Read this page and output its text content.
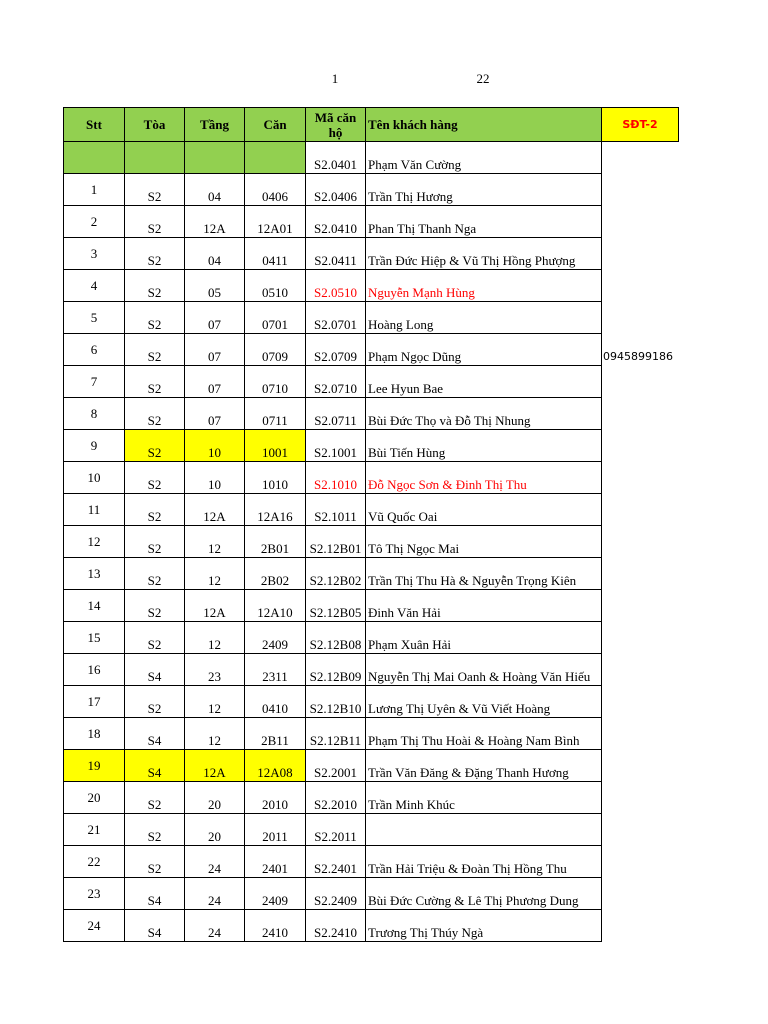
1	22
Stt	Tòa	Tầng	Căn	Mã căn hộ	Tên khách hàng	SĐT-2
				S2.0401	Phạm Văn Cường	
1	S2	04	0406	S2.0406	Trần Thị Hương	
2	S2	12A	12A01	S2.0410	Phan Thị Thanh Nga	
3	S2	04	0411	S2.0411	Trần Đức Hiệp & Vũ Thị Hồng Phượng	
4	S2	05	0510	S2.0510	Nguyễn Mạnh Hùng	
5	S2	07	0701	S2.0701	Hoàng Long	
6	S2	07	0709	S2.0709	Phạm Ngọc Dũng	0945899186
7	S2	07	0710	S2.0710	Lee Hyun Bae	
8	S2	07	0711	S2.0711	Bùi Đức Thọ và Đỗ Thị Nhung	
9	S2	10	1001	S2.1001	Bùi Tiến Hùng	
10	S2	10	1010	S2.1010	Đỗ Ngọc Sơn & Đinh Thị Thu	
11	S2	12A	12A16	S2.1011	Vũ Quốc Oai	
12	S2	12	2B01	S2.12B01	Tô Thị Ngọc Mai	
13	S2	12	2B02	S2.12B02	Trần Thị Thu Hà & Nguyễn Trọng Kiên	
14	S2	12A	12A10	S2.12B05	Đinh Văn Hải	
15	S2	12	2409	S2.12B08	Phạm Xuân Hải	
16	S4	23	2311	S2.12B09	Nguyễn Thị Mai Oanh & Hoàng Văn Hiếu	
17	S2	12	0410	S2.12B10	Lương Thị Uyên & Vũ Viết Hoàng	
18	S4	12	2B11	S2.12B11	Phạm Thị Thu Hoài & Hoàng Nam Bình	
19	S4	12A	12A08	S2.2001	Trần Văn Đăng & Đặng Thanh Hương	
20	S2	20	2010	S2.2010	Trần Minh Khúc	
21	S2	20	2011	S2.2011		
22	S2	24	2401	S2.2401	Trần Hải Triệu & Đoàn Thị Hồng Thu	
23	S4	24	2409	S2.2409	Bùi Đức Cường & Lê Thị Phương Dung	
24	S4	24	2410	S2.2410	Trương Thị Thúy Ngà	
